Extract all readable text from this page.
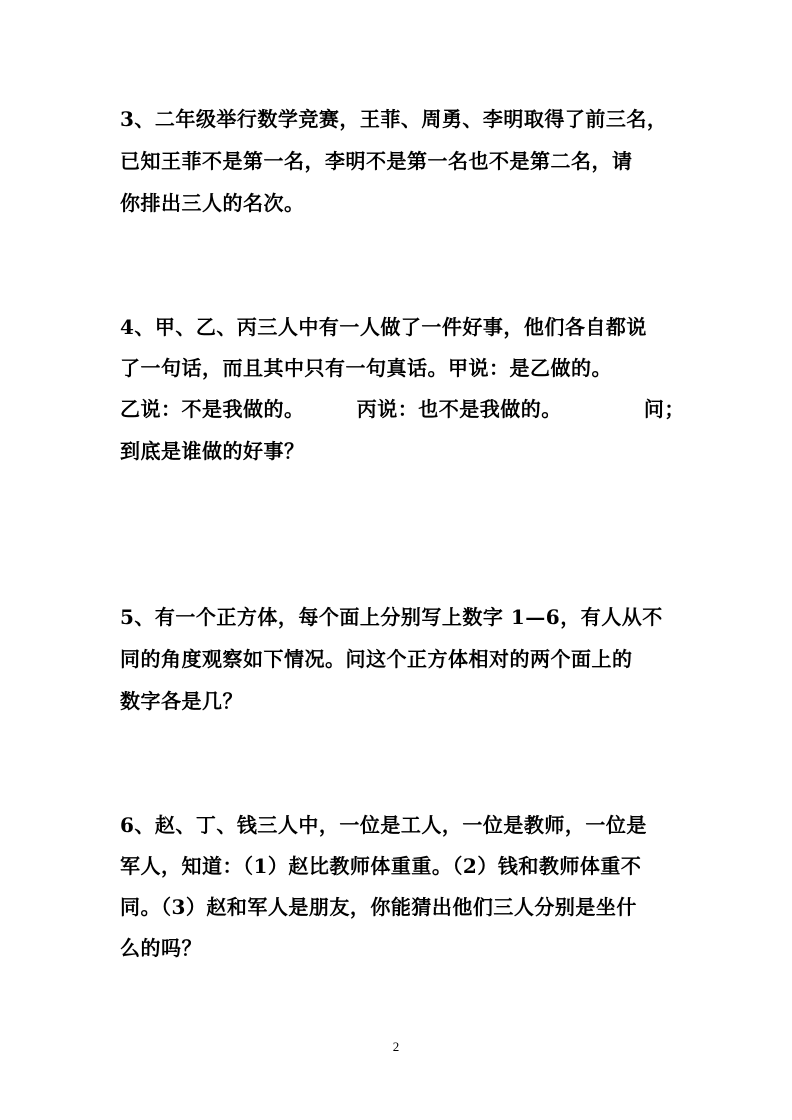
3、二年级举行数学竞赛，王菲、周勇、李明取得了前三名，
已知王菲不是第一名，李明不是第一名也不是第二名，请
你排出三人的名次。
4、甲、乙、丙三人中有一人做了一件好事，他们各自都说
了一句话，而且其中只有一句真话。甲说：是乙做的。
乙说：不是我做的。       丙说：也不是我做的。           问；
到底是谁做的好事？
5、有一个正方体，每个面上分别写上数字 1—6，有人从不
同的角度观察如下情况。问这个正方体相对的两个面上的
数字各是几？
6、赵、丁、钱三人中，一位是工人，一位是教师，一位是
军人，知道：（1）赵比教师体重重。（2）钱和教师体重不
同。（3）赵和军人是朋友，你能猜出他们三人分别是坐什
么的吗？
2
